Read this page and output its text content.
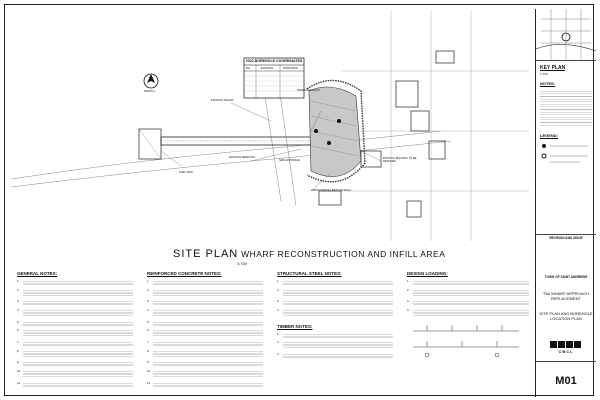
NORTH
2022 BOREHOLE COORDINATES
BH	EASTING	NORTHING
PROPOSED ROCK
EXISTING BUILDING TO BE RETAINED
NEW APPROACH
EXISTING WHARF
APPROXIMATE LIMITS OF INFILL
EXISTING PEDESTAL
FUEL TANK
SITE PLAN WHARF RECONSTRUCTION AND INFILL AREA
1:750
GENERAL NOTES:
1.
2.
3.
4.
5.
6.
7.
8.
9.
10.
11.
REINFORCED CONCRETE NOTES:
1.
2.
3.
4.
5.
6.
7.
8.
9.
10.
11.
STRUCTURAL STEEL NOTES:
1.
2.
3.
4.
TIMBER NOTES:
1.
2.
3.
DESIGN LOADING:
1.
2.
3.
4.
KEY PLAN
1:750
NOTES:
LEGEND:
REVISION AND ISSUE
TOWN OF SAINT ANDREWS
T5A WHARF APPROACH
REPLACEMENT
SITE PLAN AND BOREHOLE
LOCATION PLAN
CBCL
M01
